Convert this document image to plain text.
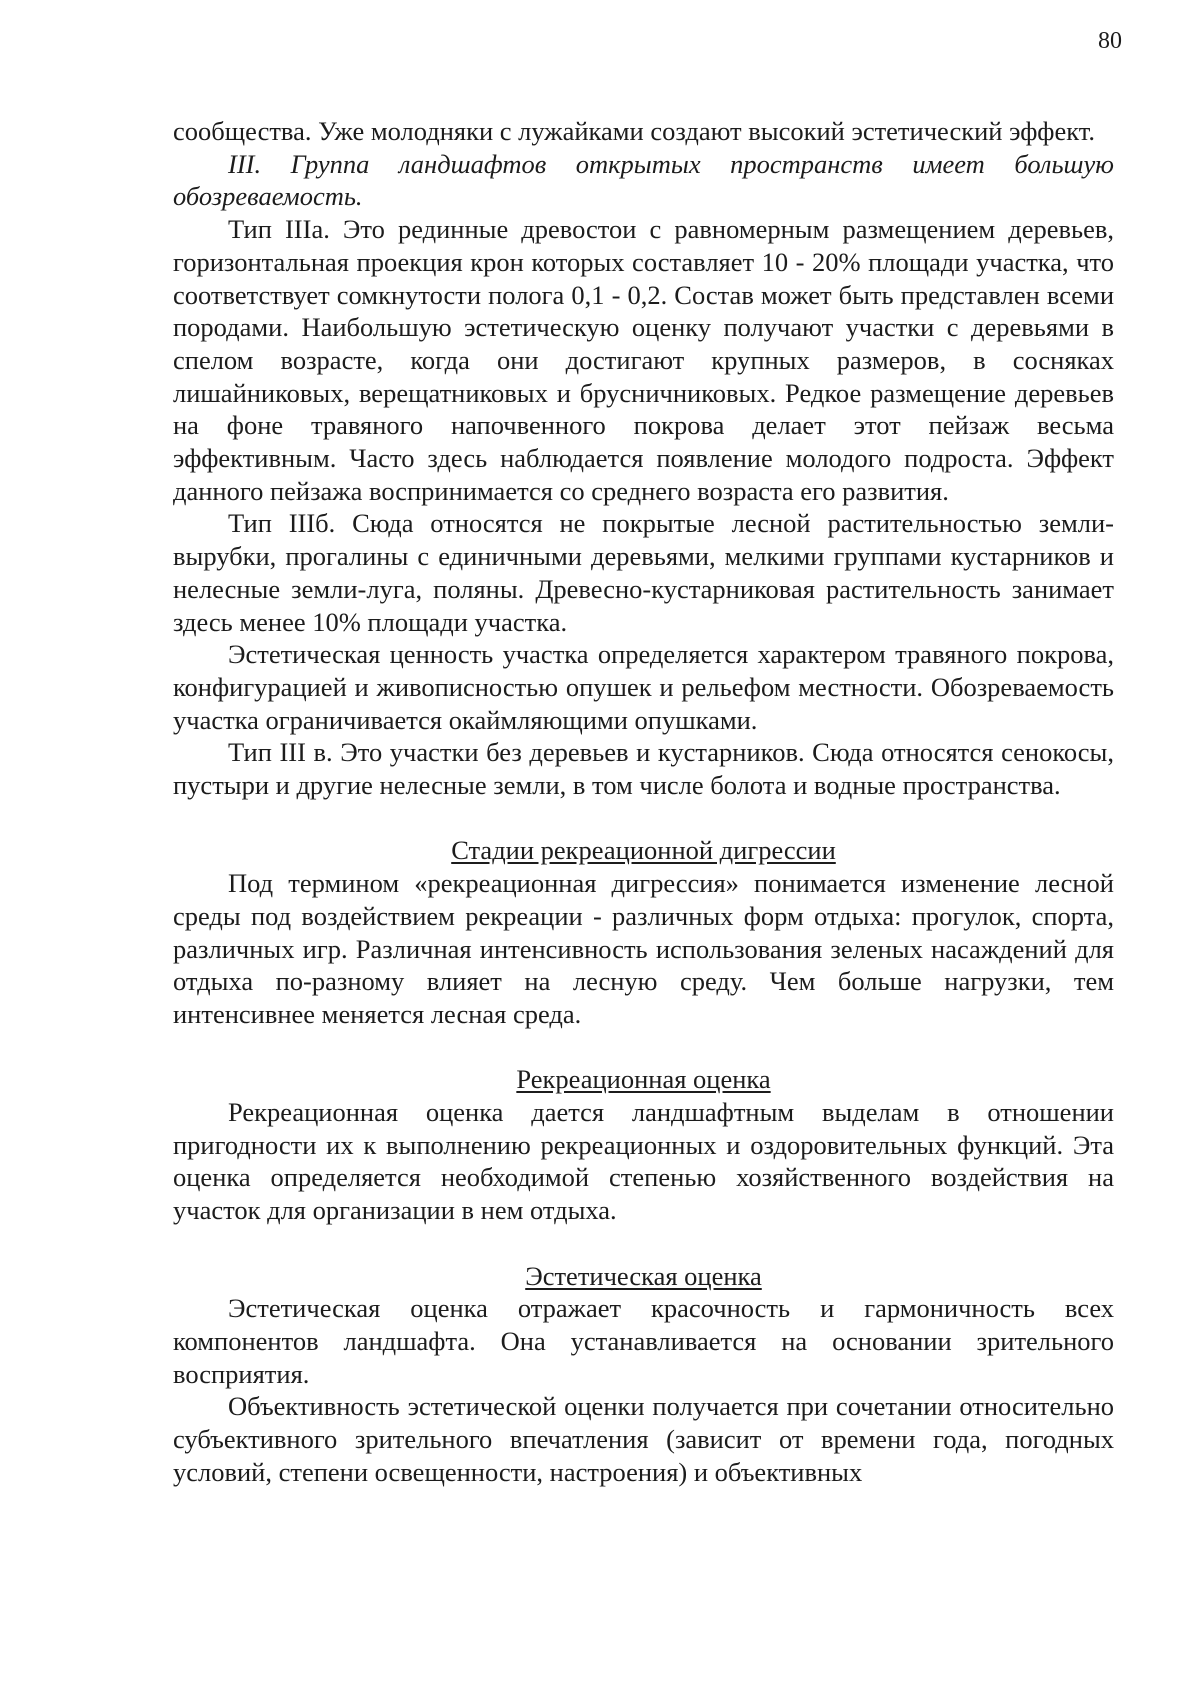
80

сообщества. Уже молодняки с лужайками создают высокий эстетический эффект.

III. Группа ландшафтов открытых пространств имеет большую обозреваемость.

Тип IIIа. Это рединные древостои с равномерным размещением деревьев, горизонтальная проекция крон которых составляет 10 - 20% площади участка, что соответствует сомкнутости полога 0,1 - 0,2. Состав может быть представлен всеми породами. Наибольшую эстетическую оценку получают участки с деревьями в спелом возрасте, когда они достигают крупных размеров, в сосняках лишайниковых, верещатниковых и брусничниковых. Редкое размещение деревьев на фоне травяного напочвенного покрова делает этот пейзаж весьма эффективным. Часто здесь наблюдается появление молодого подроста. Эффект данного пейзажа воспринимается со среднего возраста его развития.

Тип IIIб. Сюда относятся не покрытые лесной растительностью земли-вырубки, прогалины с единичными деревьями, мелкими группами кустарников и нелесные земли-луга, поляны. Древесно-кустарниковая растительность занимает здесь менее 10% площади участка.

Эстетическая ценность участка определяется характером травяного покрова, конфигурацией и живописностью опушек и рельефом местности. Обозреваемость участка ограничивается окаймляющими опушками.

Тип III в. Это участки без деревьев и кустарников. Сюда относятся сенокосы, пустыри и другие нелесные земли, в том числе болота и водные пространства.

Стадии рекреационной дигрессии

Под термином «рекреационная дигрессия» понимается изменение лесной среды под воздействием рекреации - различных форм отдыха: прогулок, спорта, различных игр. Различная интенсивность использования зеленых насаждений для отдыха по-разному влияет на лесную среду. Чем больше нагрузки, тем интенсивнее меняется лесная среда.

Рекреационная оценка

Рекреационная оценка дается ландшафтным выделам в отношении пригодности их к выполнению рекреационных и оздоровительных функций. Эта оценка определяется необходимой степенью хозяйственного воздействия на участок для организации в нем отдыха.

Эстетическая оценка

Эстетическая оценка отражает красочность и гармоничность всех компонентов ландшафта. Она устанавливается на основании зрительного восприятия.

Объективность эстетической оценки получается при сочетании относительно субъективного зрительного впечатления (зависит от времени года, погодных условий, степени освещенности, настроения) и объективных
